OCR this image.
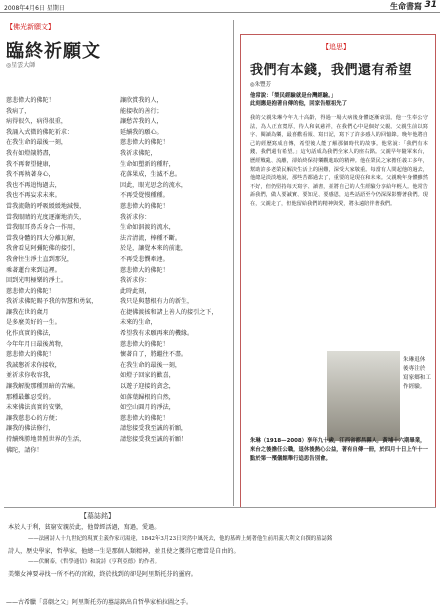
2008年4月6日 星期日	生命書寫 31
【佛光新願文】
臨終祈願文
◎星雲大師
慈悲偉大的佛陀！
我病了，
病得很久，病得很重，
我誦入式微的佛陀祈求：
在我生命的最後一刻，
我有如燈燄將盡，
我不再奢望健康，
我不再執著身心，
我也不再追悔過去，
我也不再妄求未來。
當我流動的呼吸緩緩地減慢，
當我眼睛的光度逐漸地消失，
當我眼耳鼻舌身合一作用，
當我身體的四大分離瓦解，
我會看見阿彌陀佛的接引，
我會往生淨土直到那兒，
乘著蓮台來到這裡。
回到光明極樂的淨土。
慈悲偉大的佛陀！
我祈求佛陀賜予我的智慧和勇氣，
讓我在世的歲月
是多麼美好的一生。
化作真實的佛法，
今年年月日最後萬物，
慈悲偉大的佛陀！
我誠懇祈求你接收，
並祈求你收容我，
讓我解脫那種黑暗的苦痛。
那種最難忍受的。
未來佛法真實的安樂，
讓我慈悲心的方便；
讓我的佛法修行，
持續殊勝地普照世界的生活，
佛陀，請你！
讓欣賞我的人，
能接收的善行；
讓愁苦我的人，
延續我的願心。
慈悲偉大的佛陀！
我祈求佛陀，
生命如塑新的種籽，
花落果成，生滅不息。
因此，眼光思念的流水，
不再受覺慢種種。
慈悲偉大的佛陀！
我祈求你：
生命如泅渡的流水，
法音清流，棒種不斷。
於是，讓覺本來的前進，
不再受悲憫牽連。
慈悲偉大的佛陀！
我祈求你：
此時此刻，
我只是與慧根有力的新生，
在捷佛渡搖和諸上善人的接引之下，
未來的生命，
希望我有求願再來的機緣。
慈悲偉大的佛陀！
懷著自了，將繼往不盡。
在我生命的最後一刻，
如燈子回家的歡喜，
以遊子迎接的貪念，
如落葉歸根的自然，
如空山圓月的淨法，
慈悲偉大的佛陀！
請您接受我至誠的祈願，
請您接受我至誠的祈願！
【追思】
我們有本錢，我們還有希望
◎朱豐芳
他常說：「榮民經驗就是台灣經驗。」
此刻應是抱著自傳的他，回家告慰祖先了
我的父親朱琳今年九十高齡，得過一場大病後身體逐漸衰弱。他一生奉公守法，為人正直寬厚，待人和氣慈祥，在我們心中是個好父親。父親生前以寫字、閱讀為樂，最喜歡看報、寫日記，寫下了許多感人的回憶錄。晚年他將自己的經歷寫成自傳，希望後人能了解那個時代的故事。他常說：「我們有本錢，我們還有希望。」這句話成為我們全家人的座右銘。父親早年隨軍來台，歷經戰亂、流離，卻始終保持樂觀進取的精神。他在榮民之家擔任義工多年，幫助許多老榮民解決生活上的困難，深受大家敬重。每當有人問起他的過去，他總是淡淡地說，那些苦都過去了，重要的是現在和未來。父親晚年身體雖然不好，但仍堅持每天寫字、讀書，並將自己的人生經驗分享給年輕人。他常告訴我們，做人要誠實、要知足、要感恩，這些話語至今仍深深影響著我們。現在，父親走了，但他留給我們的精神與愛，將永遠陪伴著我們。
朱琳退休
後專注於
寫家鄉和工
作經驗。
朱琳（1918—2008）享年九十歲，江西省都昌縣人，黃埔十六期畢業，來台之後擔任公職，退休後熱心公益，著有自傳一冊，於四月十日上午十一點於第一殯儀館舉行追思告別會。
【墓誌銘】
本於人于利，貧窮安親於此，他曾經活過，寫過，愛過。
——法國詩人十九世紀的現實主義作家司湯達，1842年3月23日突然中風死去，他的墓碑上刻著他生前用義大利文自撰的墓誌銘
詩人，歷史學家，哲學家，他總一生是那個人類精神，並且使之獲得它應當是自由的。
——伏爾泰，《哲學通信》和說詩《亨利亞德》的作者。
美樂女神要尋找一所不朽的宮殿，終於找到的卻是阿里斯托芬的靈府。
——古希臘「喜劇之父」阿里斯托芬的墓誌銘出自哲學家柏拉圖之手。
